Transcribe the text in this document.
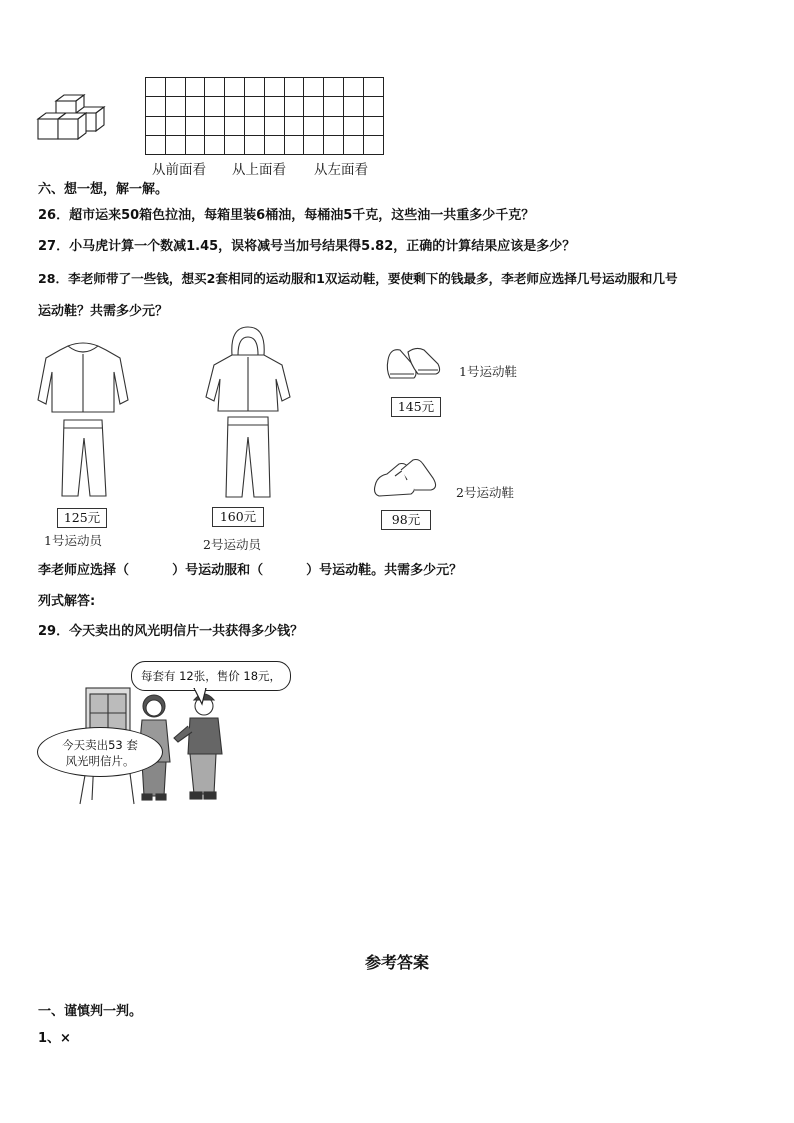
从前面看 从上面看 从左面看
六、想一想，解一解。
26．超市运来50箱色拉油，每箱里装6桶油，每桶油5千克，这些油一共重多少千克？
27．小马虎计算一个数减1.45，误将减号当加号结果得5.82，正确的计算结果应该是多少？
28．李老师带了一些钱，想买2套相同的运动服和1双运动鞋，要使剩下的钱最多，李老师应选择几号运动服和几号
运动鞋？共需多少元？
125元
1号运动员
160元
2号运动员
145元
1号运动鞋
98元
2号运动鞋
李老师应选择（	）号运动服和（	）号运动鞋。共需多少元？
列式解答:
29．今天卖出的风光明信片一共获得多少钱？
每套有 12张，售价 18元，
今天卖出53 套
风光明信片。
参考答案
一、谨慎判一判。
1、×
